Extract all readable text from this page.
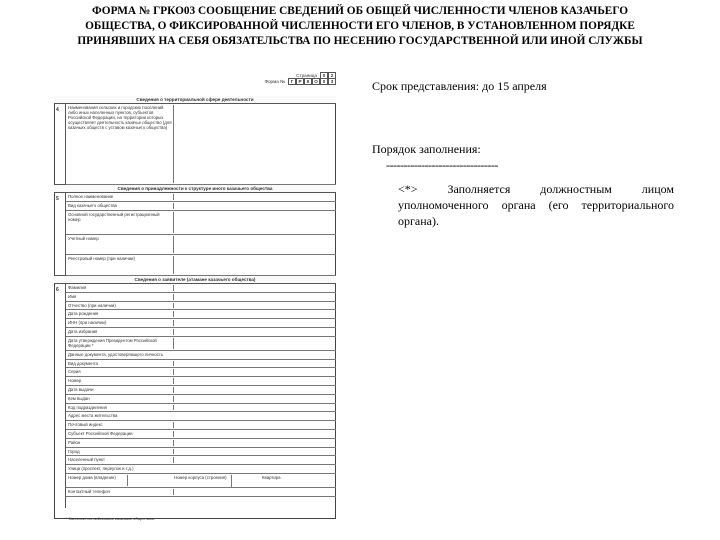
ФОРМА № ГРКО03 СООБЩЕНИЕ СВЕДЕНИЙ ОБ ОБЩЕЙ ЧИСЛЕННОСТИ ЧЛЕНОВ КАЗАЧЬЕГО
ОБЩЕСТВА, О ФИКСИРОВАННОЙ ЧИСЛЕННОСТИ ЕГО ЧЛЕНОВ, В УСТАНОВЛЕННОМ ПОРЯДКЕ
ПРИНЯВШИХ НА СЕБЯ ОБЯЗАТЕЛЬСТВА ПО НЕСЕНИЮ ГОСУДАРСТВЕННОЙ ИЛИ ИНОЙ СЛУЖБЫ
Страница	0	2
Форма №	Г	Р	К	О	0	3
Сведения о территориальной сфере деятельности
4 Наименования сельских и городских поселений либо иных населенных пунктов, субъектов Российской Федерации, на территории которых осуществляет деятельность казачье общество (для казачьих обществ с уставом казачьего общества)
Сведения о принадлежности к структуре иного казачьего общества
5 Полное наименование
Вид казачьего общества
Основной государственный регистрационный номер
Учетный номер
Реестровый номер (при наличии)
Сведения о заявителе (атамане казачьего общества)
6 Фамилия
Имя
Отчество (при наличии)
Дата рождения
ИНН (при наличии)
Дата избрания
Дата утверждения Президентом Российской Федерации *
Данные документа, удостоверяющего личность
Вид документа
Серия
Номер
Дата выдачи
Кем выдан
Код подразделения
Адрес места жительства
Почтовый индекс
Субъект Российской Федерации
Район
Город
Населенный пункт
Улица (проспект, переулок и т.д.)
Номер дома (владение)	Номер корпуса (строения)	Квартира
Контактный телефон
* Заполняется войсковым казачьим обществом.
Срок представления: до 15 апреля
Порядок заполнения:
--------------------------------
<*> Заполняется должностным лицом уполномоченного органа (его территориального органа).
